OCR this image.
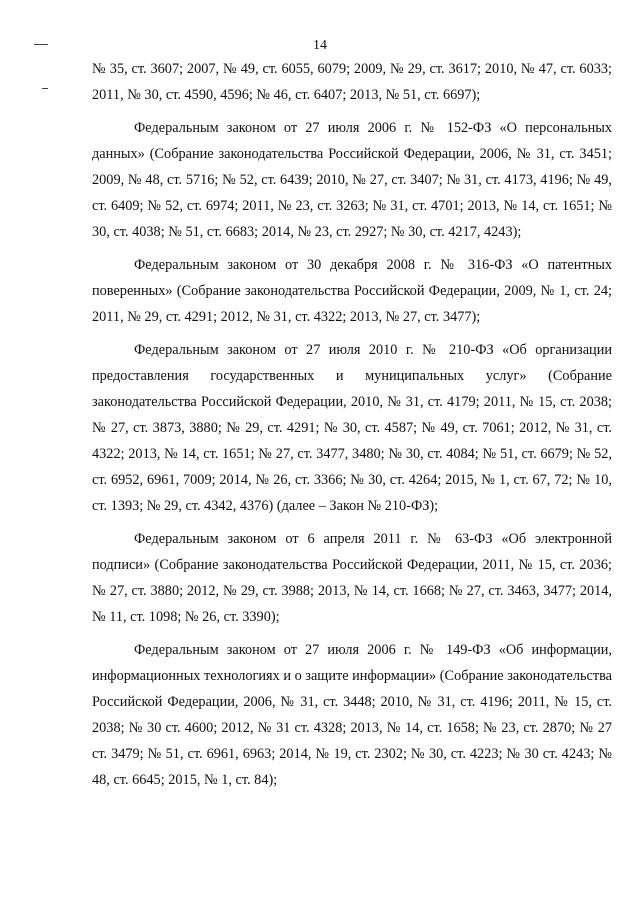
14

№ 35, ст. 3607; 2007, № 49, ст. 6055, 6079; 2009, № 29, ст. 3617; 2010, № 47, ст. 6033; 2011, № 30, ст. 4590, 4596; № 46, ст. 6407; 2013, № 51, ст. 6697);

Федеральным законом от 27 июля 2006 г. № 152-ФЗ «О персональных данных» (Собрание законодательства Российской Федерации, 2006, № 31, ст. 3451; 2009, № 48, ст. 5716; № 52, ст. 6439; 2010, № 27, ст. 3407; № 31, ст. 4173, 4196; № 49, ст. 6409; № 52, ст. 6974; 2011, № 23, ст. 3263; № 31, ст. 4701; 2013, № 14, ст. 1651; № 30, ст. 4038; № 51, ст. 6683; 2014, № 23, ст. 2927; № 30, ст. 4217, 4243);

Федеральным законом от 30 декабря 2008 г. № 316-ФЗ «О патентных поверенных» (Собрание законодательства Российской Федерации, 2009, № 1, ст. 24; 2011, № 29, ст. 4291; 2012, № 31, ст. 4322; 2013, № 27, ст. 3477);

Федеральным законом от 27 июля 2010 г. № 210-ФЗ «Об организации предоставления государственных и муниципальных услуг» (Собрание законодательства Российской Федерации, 2010, № 31, ст. 4179; 2011, № 15, ст. 2038; № 27, ст. 3873, 3880; № 29, ст. 4291; № 30, ст. 4587; № 49, ст. 7061; 2012, № 31, ст. 4322; 2013, № 14, ст. 1651; № 27, ст. 3477, 3480; № 30, ст. 4084; № 51, ст. 6679; № 52, ст. 6952, 6961, 7009; 2014, № 26, ст. 3366; № 30, ст. 4264; 2015, № 1, ст. 67, 72; № 10, ст. 1393; № 29, ст. 4342, 4376) (далее – Закон № 210-ФЗ);

Федеральным законом от 6 апреля 2011 г. № 63-ФЗ «Об электронной подписи» (Собрание законодательства Российской Федерации, 2011, № 15, ст. 2036; № 27, ст. 3880; 2012, № 29, ст. 3988; 2013, № 14, ст. 1668; № 27, ст. 3463, 3477; 2014, № 11, ст. 1098; № 26, ст. 3390);

Федеральным законом от 27 июля 2006 г. № 149-ФЗ «Об информации, информационных технологиях и о защите информации» (Собрание законодательства Российской Федерации, 2006, № 31, ст. 3448; 2010, № 31, ст. 4196; 2011, № 15, ст. 2038; № 30 ст. 4600; 2012, № 31 ст. 4328; 2013, № 14, ст. 1658; № 23, ст. 2870; № 27 ст. 3479; № 51, ст. 6961, 6963; 2014, № 19, ст. 2302; № 30, ст. 4223; № 30 ст. 4243; № 48, ст. 6645; 2015, № 1, ст. 84);
